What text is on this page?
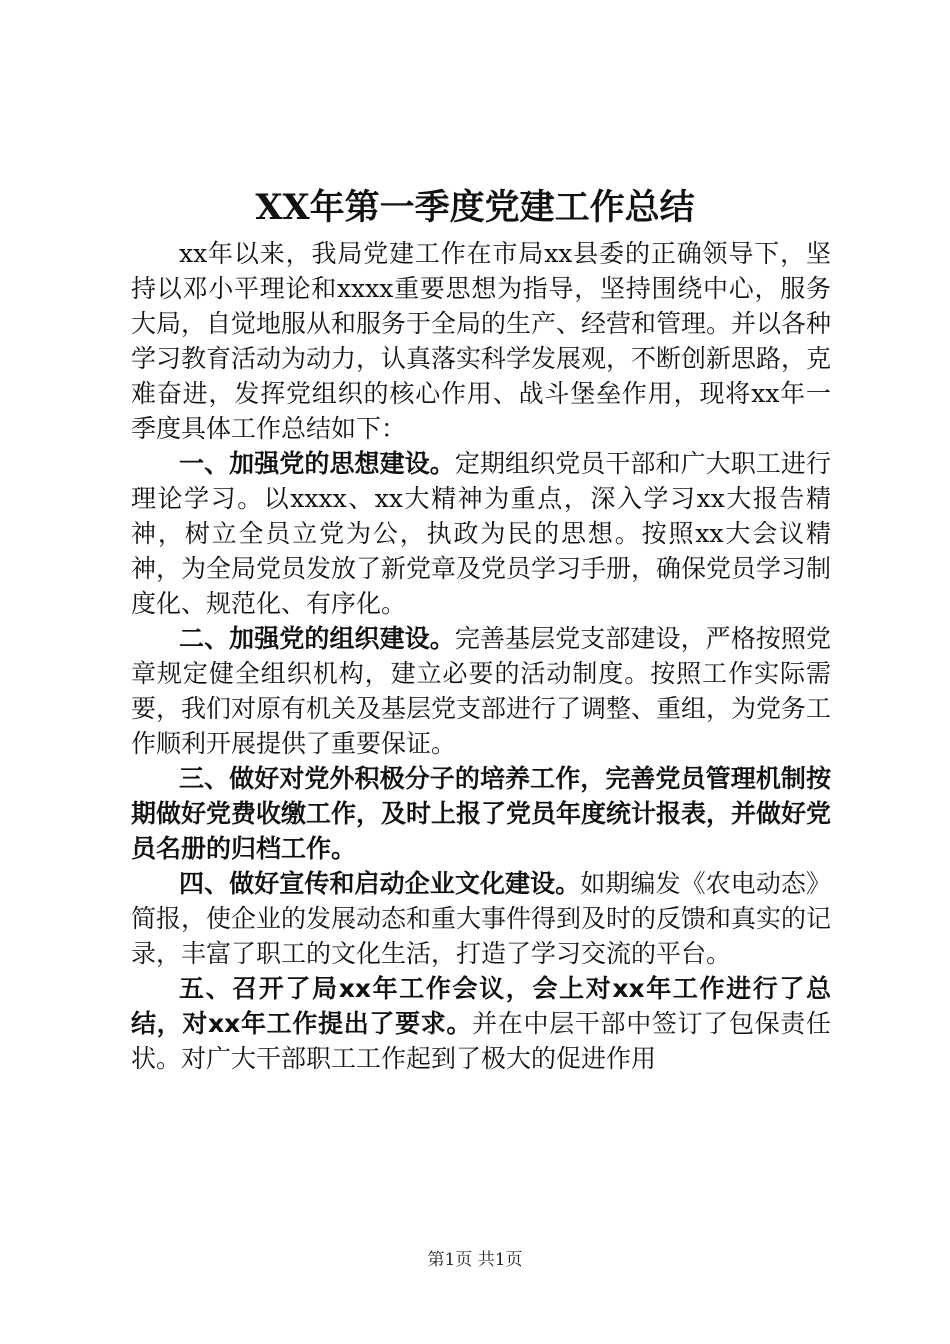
XX年第一季度党建工作总结

xx年以来，我局党建工作在市局xx县委的正确领导下，坚持以邓小平理论和xxxx重要思想为指导，坚持围绕中心，服务大局，自觉地服从和服务于全局的生产、经营和管理。并以各种学习教育活动为动力，认真落实科学发展观，不断创新思路，克难奋进，发挥党组织的核心作用、战斗堡垒作用，现将xx年一季度具体工作总结如下：

一、加强党的思想建设。定期组织党员干部和广大职工进行理论学习。以xxxx、xx大精神为重点，深入学习xx大报告精神，树立全员立党为公，执政为民的思想。按照xx大会议精神，为全局党员发放了新党章及党员学习手册，确保党员学习制度化、规范化、有序化。

二、加强党的组织建设。完善基层党支部建设，严格按照党章规定健全组织机构，建立必要的活动制度。按照工作实际需要，我们对原有机关及基层党支部进行了调整、重组，为党务工作顺利开展提供了重要保证。

三、做好对党外积极分子的培养工作，完善党员管理机制按期做好党费收缴工作，及时上报了党员年度统计报表，并做好党员名册的归档工作。

四、做好宣传和启动企业文化建设。如期编发《农电动态》简报，使企业的发展动态和重大事件得到及时的反馈和真实的记录，丰富了职工的文化生活，打造了学习交流的平台。

五、召开了局xx年工作会议，会上对xx年工作进行了总结，对xx年工作提出了要求。并在中层干部中签订了包保责任状。对广大干部职工工作起到了极大的促进作用

第1页 共1页
